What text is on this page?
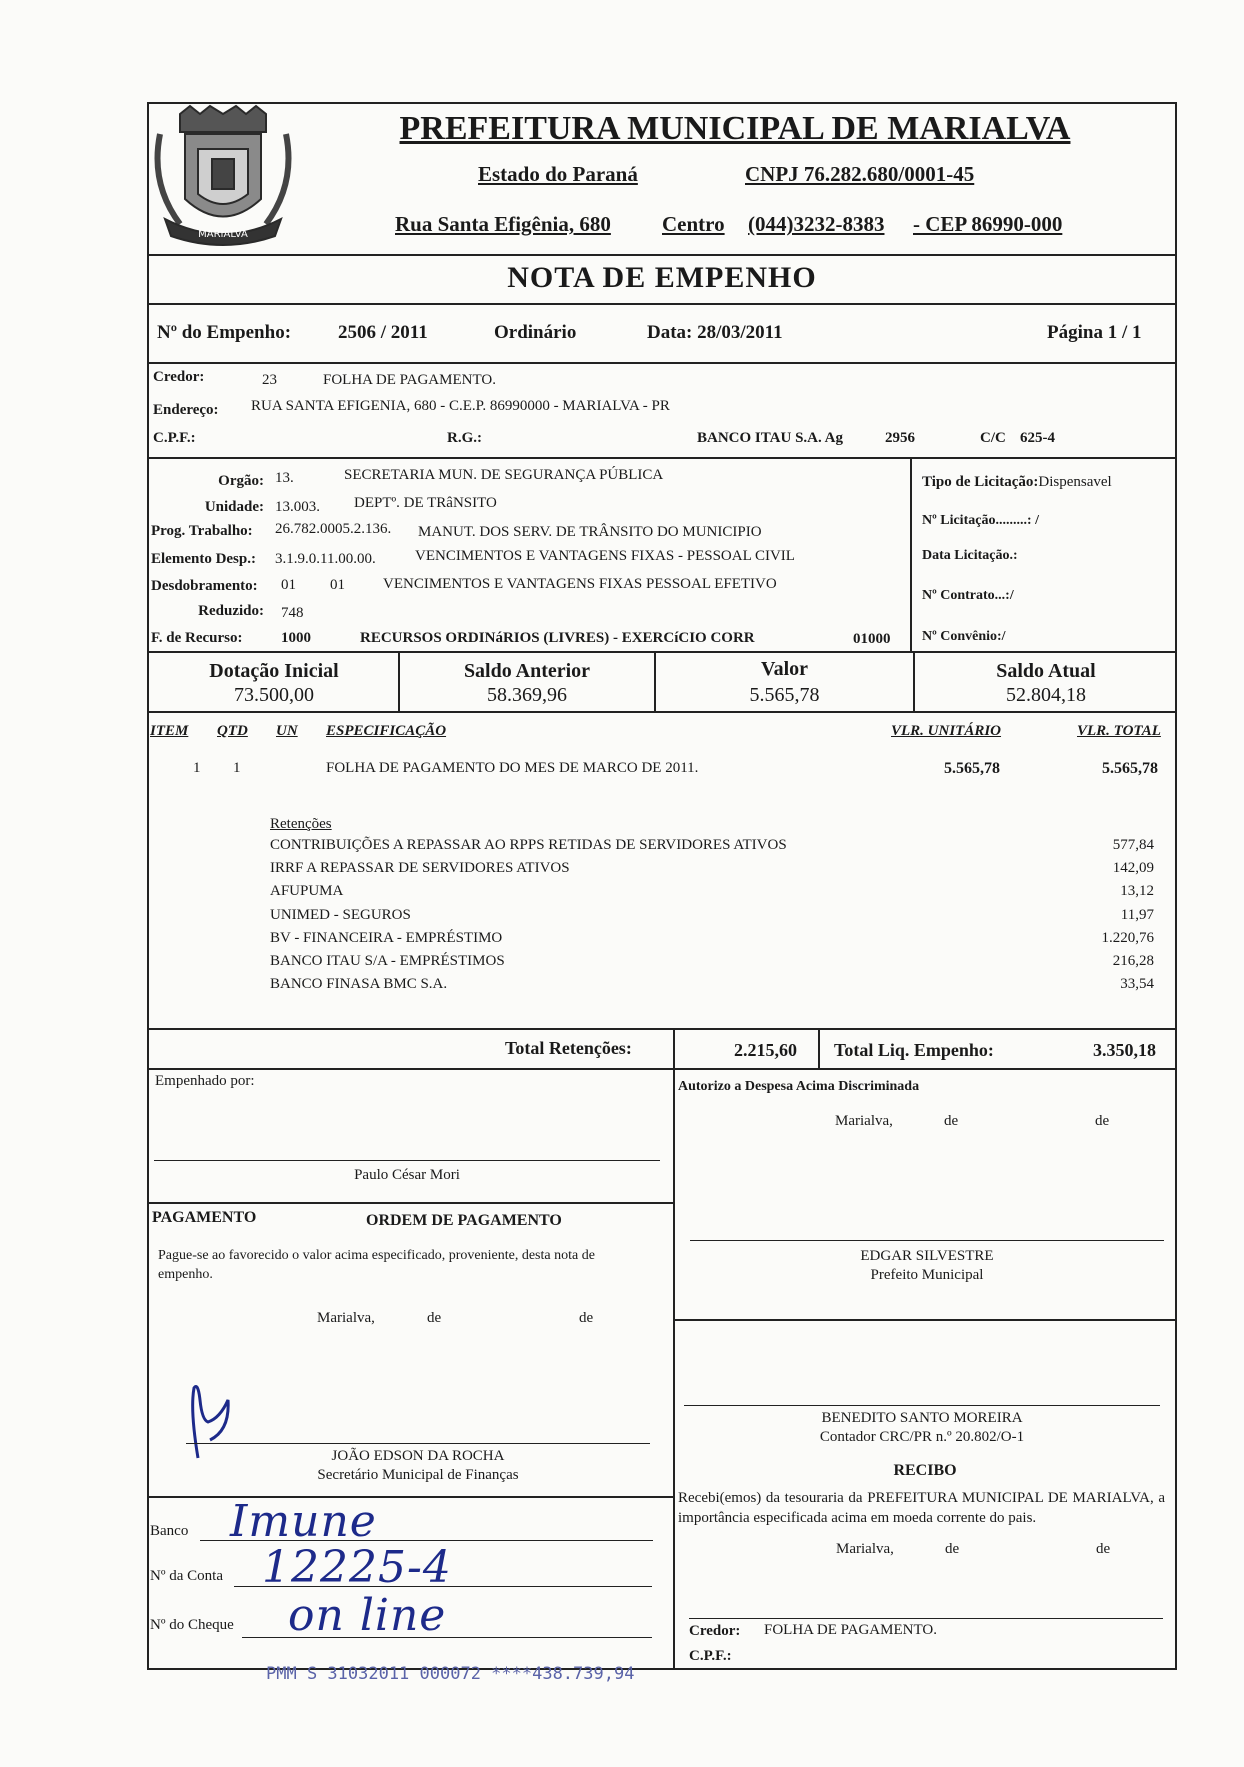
MARIALVA
PREFEITURA MUNICIPAL DE MARIALVA
Estado do Paraná	CNPJ 76.282.680/0001-45
Rua Santa Efigênia, 680 Centro (044)3232-8383 - CEP 86990-000
NOTA DE EMPENHO
Nº do Empenho: 2506 / 2011	Ordinário	Data: 28/03/2011	Página 1 / 1
Credor:	23	FOLHA DE PAGAMENTO.
Endereço: RUA SANTA EFIGENIA, 680 - C.E.P. 86990000 - MARIALVA - PR
C.P.F.:	R.G.:	BANCO ITAU S.A. Ag	2956	C/C 625-4
Orgão: 13.	SECRETARIA MUN. DE SEGURANÇA PÚBLICA
Unidade: 13.003. DEPTº. DE TRâNSITO
Prog. Trabalho: 26.782.0005.2.136. MANUT. DOS SERV. DE TRÂNSITO DO MUNICIPIO
Elemento Desp.: 3.1.9.0.11.00.00.	VENCIMENTOS E VANTAGENS FIXAS - PESSOAL CIVIL
Desdobramento: 01 01	VENCIMENTOS E VANTAGENS FIXAS PESSOAL EFETIVO
Reduzido: 748
F. de Recurso:	1000	RECURSOS ORDINáRIOS (LIVRES) - EXERCíCIO CORR	01000
Tipo de Licitação:Dispensavel
Nº Licitação.........: /
Data Licitação.:
Nº Contrato...:/
Nº Convênio:/
Dotação Inicial
73.500,00
Saldo Anterior
58.369,96
Valor
5.565,78
Saldo Atual
52.804,18
ITEM QTD UN ESPECIFICAÇÃO	VLR. UNITÁRIO	VLR. TOTAL
1 1	FOLHA DE PAGAMENTO DO MES DE MARCO DE 2011.	5.565,78	5.565,78
Retenções
CONTRIBUIÇÕES A REPASSAR AO RPPS RETIDAS DE SERVIDORES ATIVOS	577,84
IRRF A REPASSAR DE SERVIDORES ATIVOS	142,09
AFUPUMA	13,12
UNIMED - SEGUROS	11,97
BV - FINANCEIRA - EMPRÉSTIMO	1.220,76
BANCO ITAU S/A - EMPRÉSTIMOS	216,28
BANCO FINASA BMC S.A.	33,54
Total Retenções:	2.215,60 Total Liq. Empenho:	3.350,18
Empenhado por:
Paulo César Mori
Autorizo a Despesa Acima Discriminada
Marialva,	de	de
PAGAMENTO	ORDEM DE PAGAMENTO
Pague-se ao favorecido o valor acima especificado, proveniente, desta nota de empenho.
Marialva,	de	de
EDGAR SILVESTRE
Prefeito Municipal
BENEDITO SANTO MOREIRA
Contador CRC/PR n.º 20.802/O-1
JOÃO EDSON DA ROCHA
Secretário Municipal de Finanças	RECIBO
Recebi(emos) da tesouraria da PREFEITURA MUNICIPAL DE MARIALVA, a importância especificada acima em moeda corrente do pais.
Marialva,	de	de
Credor: FOLHA DE PAGAMENTO.
C.P.F.:
Banco Imune
Nº da Conta 12225-4
Nº do Cheque on line
PMM S 31032011 000072 ****438.739,94
